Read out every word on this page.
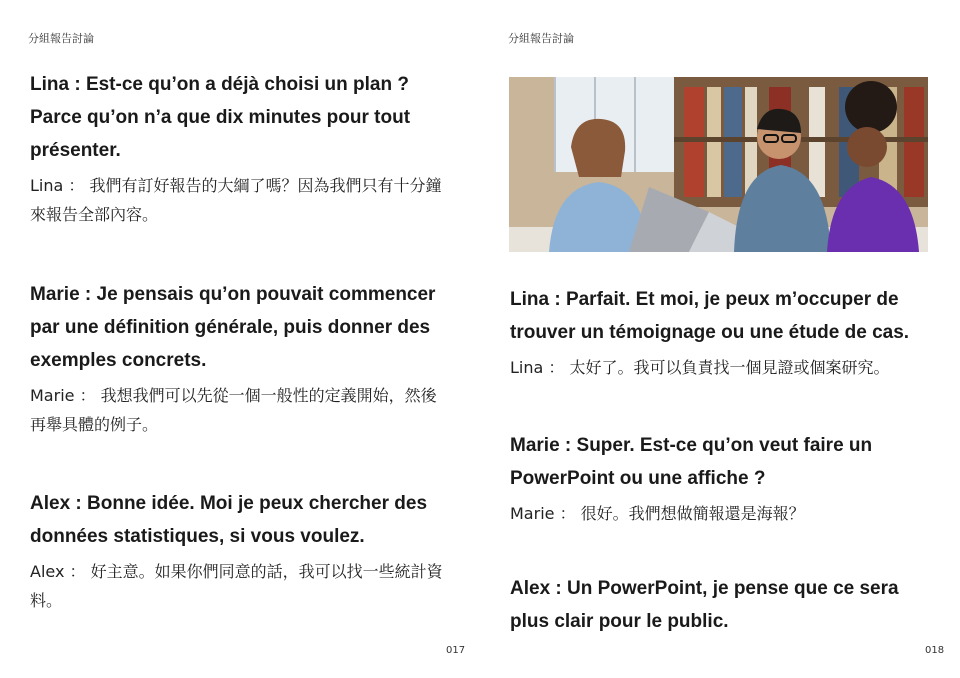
分組報告討論
Lina : Est-ce qu’on a déjà choisi un plan ? Parce qu’on n’a que dix minutes pour tout présenter.
Lina ： 我們有訂好報告的大綱了嗎？因為我們只有十分鐘來報告全部內容。
Marie : Je pensais qu’on pouvait commencer par une définition générale, puis donner des exemples concrets.
Marie ： 我想我們可以先從一個一般性的定義開始，然後再舉具體的例子。
Alex : Bonne idée. Moi je peux chercher des données statistiques, si vous voulez.
Alex ： 好主意。如果你們同意的話，我可以找一些統計資料。
017
分組報告討論
Lina : Parfait. Et moi, je peux m’occuper de trouver un témoignage ou une étude de cas.
Lina ： 太好了。我可以負責找一個見證或個案研究。
Marie : Super. Est-ce qu’on veut faire un PowerPoint ou une affiche ?
Marie ： 很好。我們想做簡報還是海報？
Alex : Un PowerPoint, je pense que ce sera plus clair pour le public.
018
